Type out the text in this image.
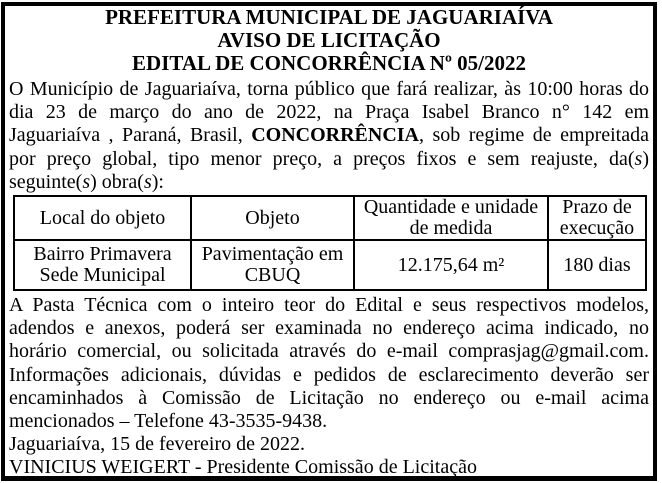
PREFEITURA MUNICIPAL DE JAGUARIAÍVA
AVISO DE LICITAÇÃO
EDITAL DE CONCORRÊNCIA Nº 05/2022
O Município de Jaguariaíva, torna público que fará realizar, às 10:00 horas do
dia 23 de março do ano de 2022, na Praça Isabel Branco n° 142 em
Jaguariaíva , Paraná, Brasil, CONCORRÊNCIA, sob regime de empreitada
por preço global, tipo menor preço, a preços fixos e sem reajuste, da(s)
seguinte(s) obra(s):
Local do objeto	Objeto	Quantidade e unidade de medida	Prazo de execução
Bairro Primavera Sede Municipal	Pavimentação em CBUQ	12.175,64 m²	180 dias
A Pasta Técnica com o inteiro teor do Edital e seus respectivos modelos,
adendos e anexos, poderá ser examinada no endereço acima indicado, no
horário comercial, ou solicitada através do e-mail comprasjag@gmail.com.
Informações adicionais, dúvidas e pedidos de esclarecimento deverão ser
encaminhados à Comissão de Licitação no endereço ou e-mail acima
mencionados – Telefone 43-3535-9438.
Jaguariaíva, 15 de fevereiro de 2022.
VINICIUS WEIGERT - Presidente Comissão de Licitação
